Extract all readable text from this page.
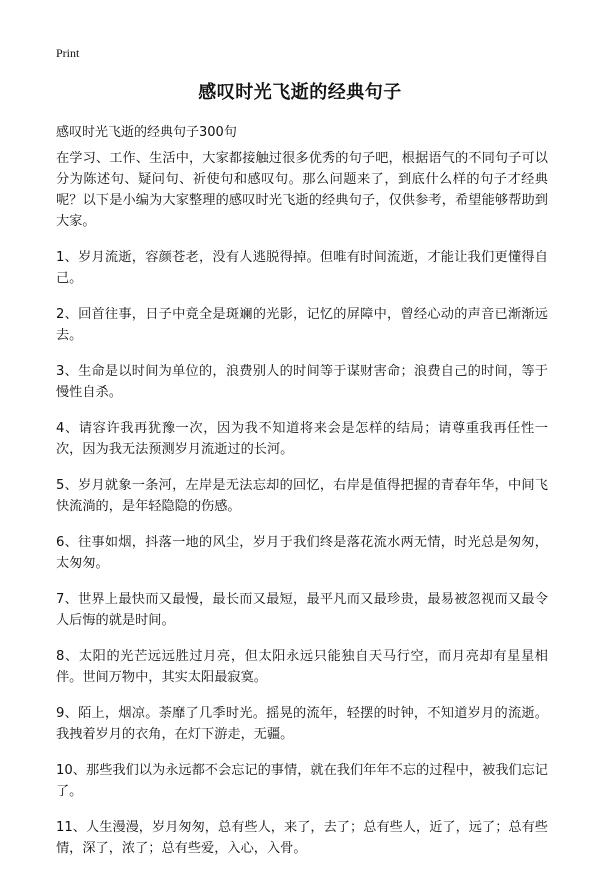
Print
感叹时光飞逝的经典句子

感叹时光飞逝的经典句子300句

在学习、工作、生活中，大家都接触过很多优秀的句子吧，根据语气的不同句子可以分为陈述句、疑问句、祈使句和感叹句。那么问题来了，到底什么样的句子才经典呢？以下是小编为大家整理的感叹时光飞逝的经典句子，仅供参考，希望能够帮助到大家。

1、岁月流逝，容颜苍老，没有人逃脱得掉。但唯有时间流逝，才能让我们更懂得自己。

2、回首往事，日子中竟全是斑斓的光影，记忆的屏障中，曾经心动的声音已渐渐远去。

3、生命是以时间为单位的，浪费别人的时间等于谋财害命；浪费自己的时间，等于慢性自杀。

4、请容许我再犹豫一次，因为我不知道将来会是怎样的结局；请尊重我再任性一次，因为我无法预测岁月流逝过的长河。

5、岁月就象一条河，左岸是无法忘却的回忆，右岸是值得把握的青春年华，中间飞快流淌的，是年轻隐隐的伤感。

6、往事如烟，抖落一地的风尘，岁月于我们终是落花流水两无情，时光总是匆匆，太匆匆。

7、世界上最快而又最慢，最长而又最短，最平凡而又最珍贵，最易被忽视而又最令人后悔的就是时间。

8、太阳的光芒远远胜过月亮，但太阳永远只能独自天马行空，而月亮却有星星相伴。世间万物中，其实太阳最寂寞。

9、陌上，烟凉。荼靡了几季时光。摇晃的流年，轻摆的时钟，不知道岁月的流逝。我拽着岁月的衣角，在灯下游走，无疆。

10、那些我们以为永远都不会忘记的事情，就在我们年年不忘的过程中，被我们忘记了。

11、人生漫漫，岁月匆匆，总有些人，来了，去了；总有些人，近了，远了；总有些情，深了，浓了；总有些爱，入心，入骨。
